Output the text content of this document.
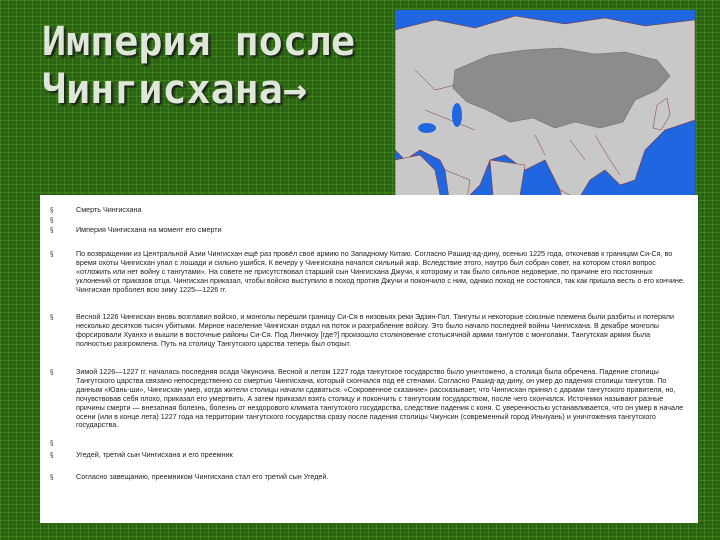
Империя после
Чингисхана→
§	Смерть Чингисхана
§
§	Империя Чингисхана на момент его смерти
§	По возвращении из Центральной Азии Чингисхан ещё раз провёл своё армию по Западному Китаю. Согласно Рашид-ад-дину, осенью 1225 года, откочевав к границам Си-Ся, во время охоты Чингисхан упал с лошади и сильно ушибся. К вечеру у Чингисхана начался сильный жар. Вследствие этого, наутро был собран совет, на котором стоял вопрос «отложить или нет войну с тангутами». На совете не присутствовал старший сын Чингисхана Джучи, к которому и так было сильное недоверие, по причине его постоянных уклонений от приказов отца. Чингисхан приказал, чтобы войско выступило в поход против Джучи и покончило с ним, однако поход не состоялся, так как пришла весть о его кончине. Чингисхан проболел всю зиму 1225—1226 гг.
§	Весной 1226 Чингисхан вновь возглавил войско, и монголы перешли границу Си-Ся в низовьях реки Эдзин-Гол. Тангуты и некоторые союзные племена были разбиты и потеряли несколько десятков тысяч убитыми. Мирное население Чингисхан отдал на поток и разграбление войску. Это было начало последней войны Чингисхана. В декабре монголы форсировали Хуанхэ и вышли в восточные районы Си-Ся. Под Линчжоу [где?] произошло столкновение стотысячной армии тангутов с монголами. Тангутская армия была полностью разгромлена. Путь на столицу Тангутского царства теперь был открыт.
§	Зимой 1226—1227 гг. началась последняя осада Чжунсина. Весной и летом 1227 года тангутское государство было уничтожено, а столица была обречена. Падение столицы Тангутского царства связано непосредственно со смертью Чингисхана, который скончался под её стенами. Согласно Рашид-ад-дину, он умер до падения столицы тангутов. По данным «Юань-ши», Чингисхан умер, когда жители столицы начали сдаваться. «Сокровенное сказание» рассказывает, что Чингисхан принял с дарами тангутского правителя, но, почувствовав себя плохо, приказал его умертвить. А затем приказал взять столицу и покончить с тангутским государством, после чего скончался. Источники называют разные причины смерти — внезапная болезнь, болезнь от нездорового климата тангутского государства, следствие падения с коня. С уверенностью устанавливается, что он умер в начале осени (или в конце лета) 1227 года на территории тангутского государства сразу после падения столицы Чжунсин (современный город Иньчуань) и уничтожения тангутского государства.
§
§	Угедей, третий сын Чингисхана и его преемник
§	Согласно завещанию, преемником Чингисхана стал его третий сын Угедей.
